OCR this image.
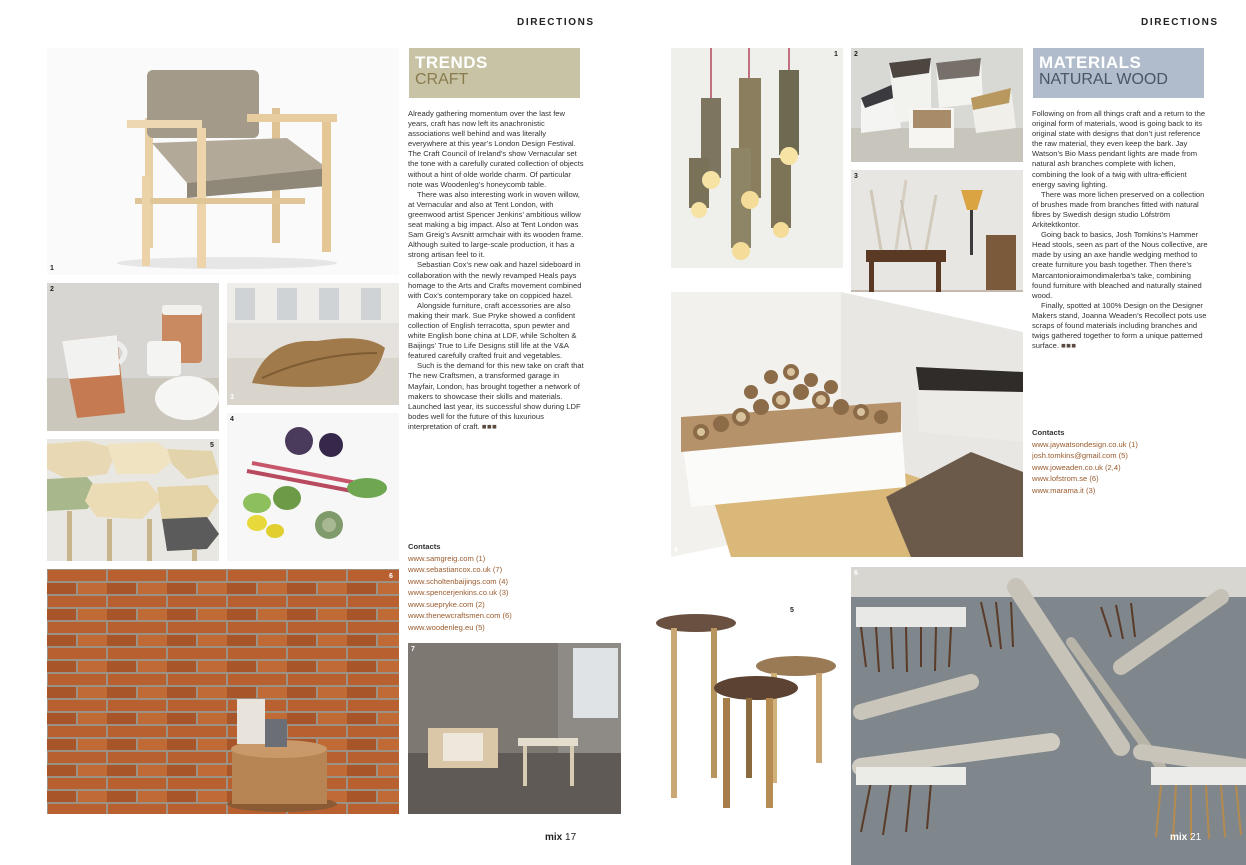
DIRECTIONS
1
TRENDS
CRAFT

Already gathering momentum over the last few years, craft has now left its anachronistic associations well behind and was literally everywhere at this year’s London Design Festival. The Craft Council of Ireland’s show Vernacular set the tone with a carefully curated collection of objects without a hint of olde worlde charm. Of particular note was Woodenleg’s honeycomb table.

There was also interesting work in woven willow, at Vernacular and also at Tent London, with greenwood artist Spencer Jenkins’ ambitious willow seat making a big impact. Also at Tent London was Sam Greig’s Avsnitt armchair with its wooden frame. Although suited to large-scale production, it has a strong artisan feel to it.

Sebastian Cox’s new oak and hazel sideboard in collaboration with the newly revamped Heals pays homage to the Arts and Crafts movement combined with Cox’s contemporary take on coppiced hazel.

Alongside furniture, craft accessories are also making their mark. Sue Pryke showed a confident collection of English terracotta, spun pewter and white English bone china at LDF, while Scholten & Baijings’ True to Life Designs still life at the V&A featured carefully crafted fruit and vegetables.

Such is the demand for this new take on craft that The new Craftsmen, a transformed garage in Mayfair, London, has brought together a network of makers to showcase their skills and materials. Launched last year, its successful show during LDF bodes well for the future of this luxurious interpretation of craft. ■■■

Contacts
www.samgreig.com (1)
www.sebastiancox.co.uk (7)
www.scholtenbaijings.com (4)
www.spencerjenkins.co.uk (3)
www.suepryke.com (2)
www.thenewcraftsmen.com (6)
www.woodenleg.eu (5)
2
3
4
5
6
7
mix 17
DIRECTIONS
1 2
3
4
MATERIALS
NATURAL WOOD

Following on from all things craft and a return to the original form of materials, wood is going back to its original state with designs that don’t just reference the raw material, they even keep the bark. Jay Watson’s Bio Mass pendant lights are made from natural ash branches complete with lichen, combining the look of a twig with ultra-efficient energy saving lighting.

There was more lichen preserved on a collection of brushes made from branches fitted with natural fibres by Swedish design studio Löfström Arkitektkontor.

Going back to basics, Josh Tomkins’s Hammer Head stools, seen as part of the Nous collective, are made by using an axe handle wedging method to create furniture you bash together. Then there’s Marcantonioraimondimalerba’s take, combining found furniture with bleached and naturally stained wood.

Finally, spotted at 100% Design on the Designer Makers stand, Joanna Weaden’s Recollect pots use scraps of found materials including branches and twigs gathered together to form a unique patterned surface. ■■■

Contacts
www.jaywatsondesign.co.uk (1)
josh.tomkins@gmail.com (5)
www.joweaden.co.uk (2,4)
www.lofstrom.se (6)
www.marama.it (3)
5
6
mix 21
